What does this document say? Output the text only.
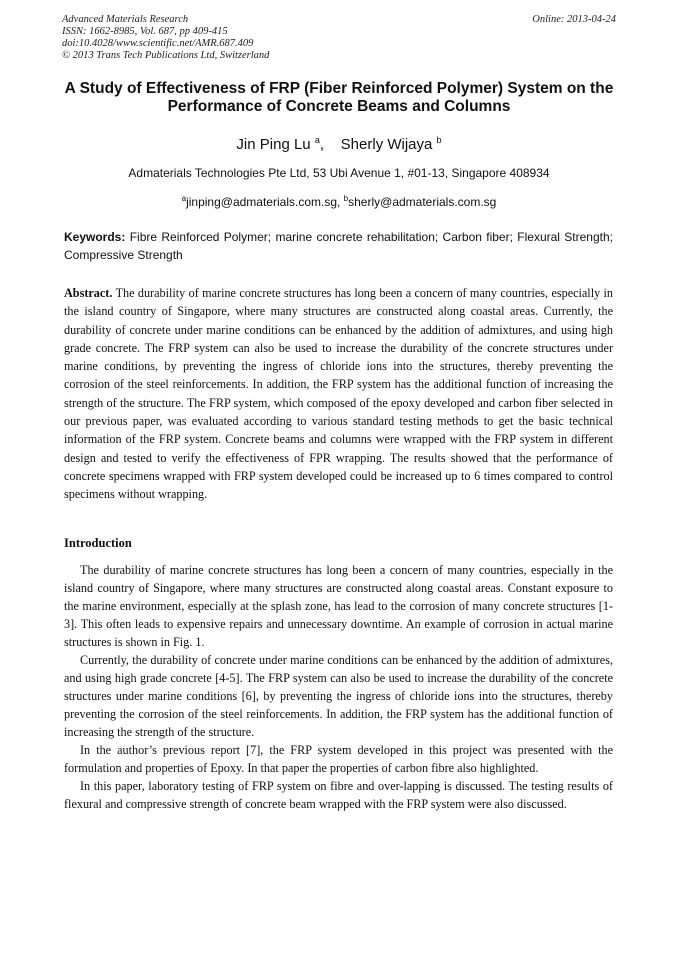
Advanced Materials Research
ISSN: 1662-8985, Vol. 687, pp 409-415
doi:10.4028/www.scientific.net/AMR.687.409
© 2013 Trans Tech Publications Ltd, Switzerland
Online: 2013-04-24
A Study of Effectiveness of FRP (Fiber Reinforced Polymer) System on the Performance of Concrete Beams and Columns
Jin Ping Lu $^a$, Sherly Wijaya $^b$
Admaterials Technologies Pte Ltd, 53 Ubi Avenue 1, #01-13, Singapore 408934
$^a$jinping@admaterials.com.sg, $^b$sherly@admaterials.com.sg
Keywords: Fibre Reinforced Polymer; marine concrete rehabilitation; Carbon fiber; Flexural Strength; Compressive Strength
Abstract. The durability of marine concrete structures has long been a concern of many countries, especially in the island country of Singapore, where many structures are constructed along coastal areas. Currently, the durability of concrete under marine conditions can be enhanced by the addition of admixtures, and using high grade concrete. The FRP system can also be used to increase the durability of the concrete structures under marine conditions, by preventing the ingress of chloride ions into the structures, thereby preventing the corrosion of the steel reinforcements. In addition, the FRP system has the additional function of increasing the strength of the structure. The FRP system, which composed of the epoxy developed and carbon fiber selected in our previous paper, was evaluated according to various standard testing methods to get the basic technical information of the FRP system. Concrete beams and columns were wrapped with the FRP system in different design and tested to verify the effectiveness of FPR wrapping. The results showed that the performance of concrete specimens wrapped with FRP system developed could be increased up to 6 times compared to control specimens without wrapping.
Introduction

The durability of marine concrete structures has long been a concern of many countries, especially in the island country of Singapore, where many structures are constructed along coastal areas. Constant exposure to the marine environment, especially at the splash zone, has lead to the corrosion of many concrete structures [1-3]. This often leads to expensive repairs and unnecessary downtime. An example of corrosion in actual marine structures is shown in Fig. 1.

Currently, the durability of concrete under marine conditions can be enhanced by the addition of admixtures, and using high grade concrete [4-5]. The FRP system can also be used to increase the durability of the concrete structures under marine conditions [6], by preventing the ingress of chloride ions into the structures, thereby preventing the corrosion of the steel reinforcements. In addition, the FRP system has the additional function of increasing the strength of the structure.

In the author’s previous report [7], the FRP system developed in this project was presented with the formulation and properties of Epoxy. In that paper the properties of carbon fibre also highlighted.

In this paper, laboratory testing of FRP system on fibre and over-lapping is discussed. The testing results of flexural and compressive strength of concrete beam wrapped with the FRP system were also discussed.
